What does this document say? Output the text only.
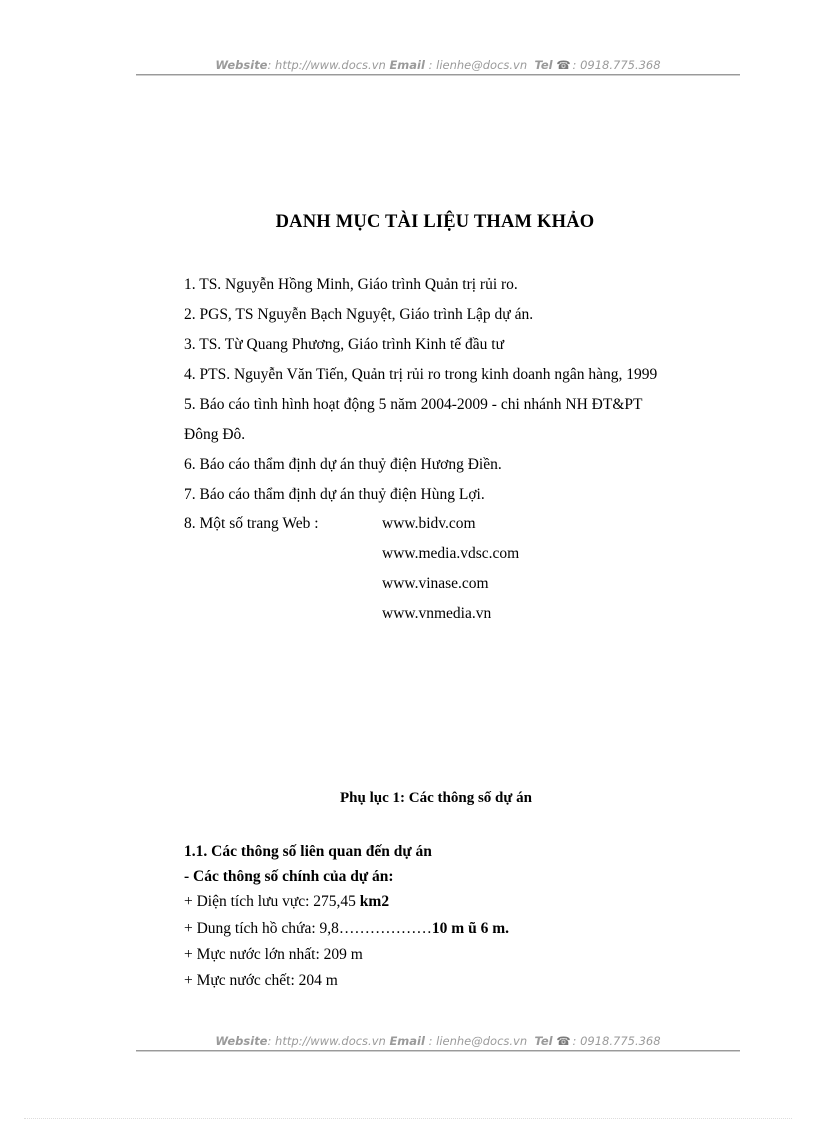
Website: http://www.docs.vn Email : lienhe@docs.vn Tel ☎ : 0918.775.368
DANH MỤC TÀI LIỆU THAM KHẢO
1. TS. Nguyễn Hồng Minh, Giáo trình Quản trị rủi ro.
2. PGS, TS Nguyễn Bạch Nguyệt, Giáo trình Lập dự án.
3. TS. Từ Quang Phương, Giáo trình Kinh tế đầu tư
4. PTS. Nguyễn Văn Tiến, Quản trị rủi ro trong kinh doanh ngân hàng, 1999
5. Báo cáo tình hình hoạt động 5 năm 2004-2009 - chi nhánh NH ĐT&PT
Đông Đô.
6. Báo cáo thẩm định dự án thuỷ điện Hương Điền.
7. Báo cáo thẩm định dự án thuỷ điện Hùng Lợi.
8. Một số trang Web :	www.bidv.com
www.media.vdsc.com
www.vinase.com
www.vnmedia.vn
Phụ lục 1: Các thông số dự án
1.1. Các thông số liên quan đến dự án
- Các thông số chính của dự án:
+ Diện tích lưu vực: 275,45 km2
+ Dung tích hồ chứa: 9,8………………10 m ũ 6 m.
+ Mực nước lớn nhất: 209 m
+ Mực nước chết: 204 m
Website: http://www.docs.vn Email : lienhe@docs.vn Tel ☎ : 0918.775.368
